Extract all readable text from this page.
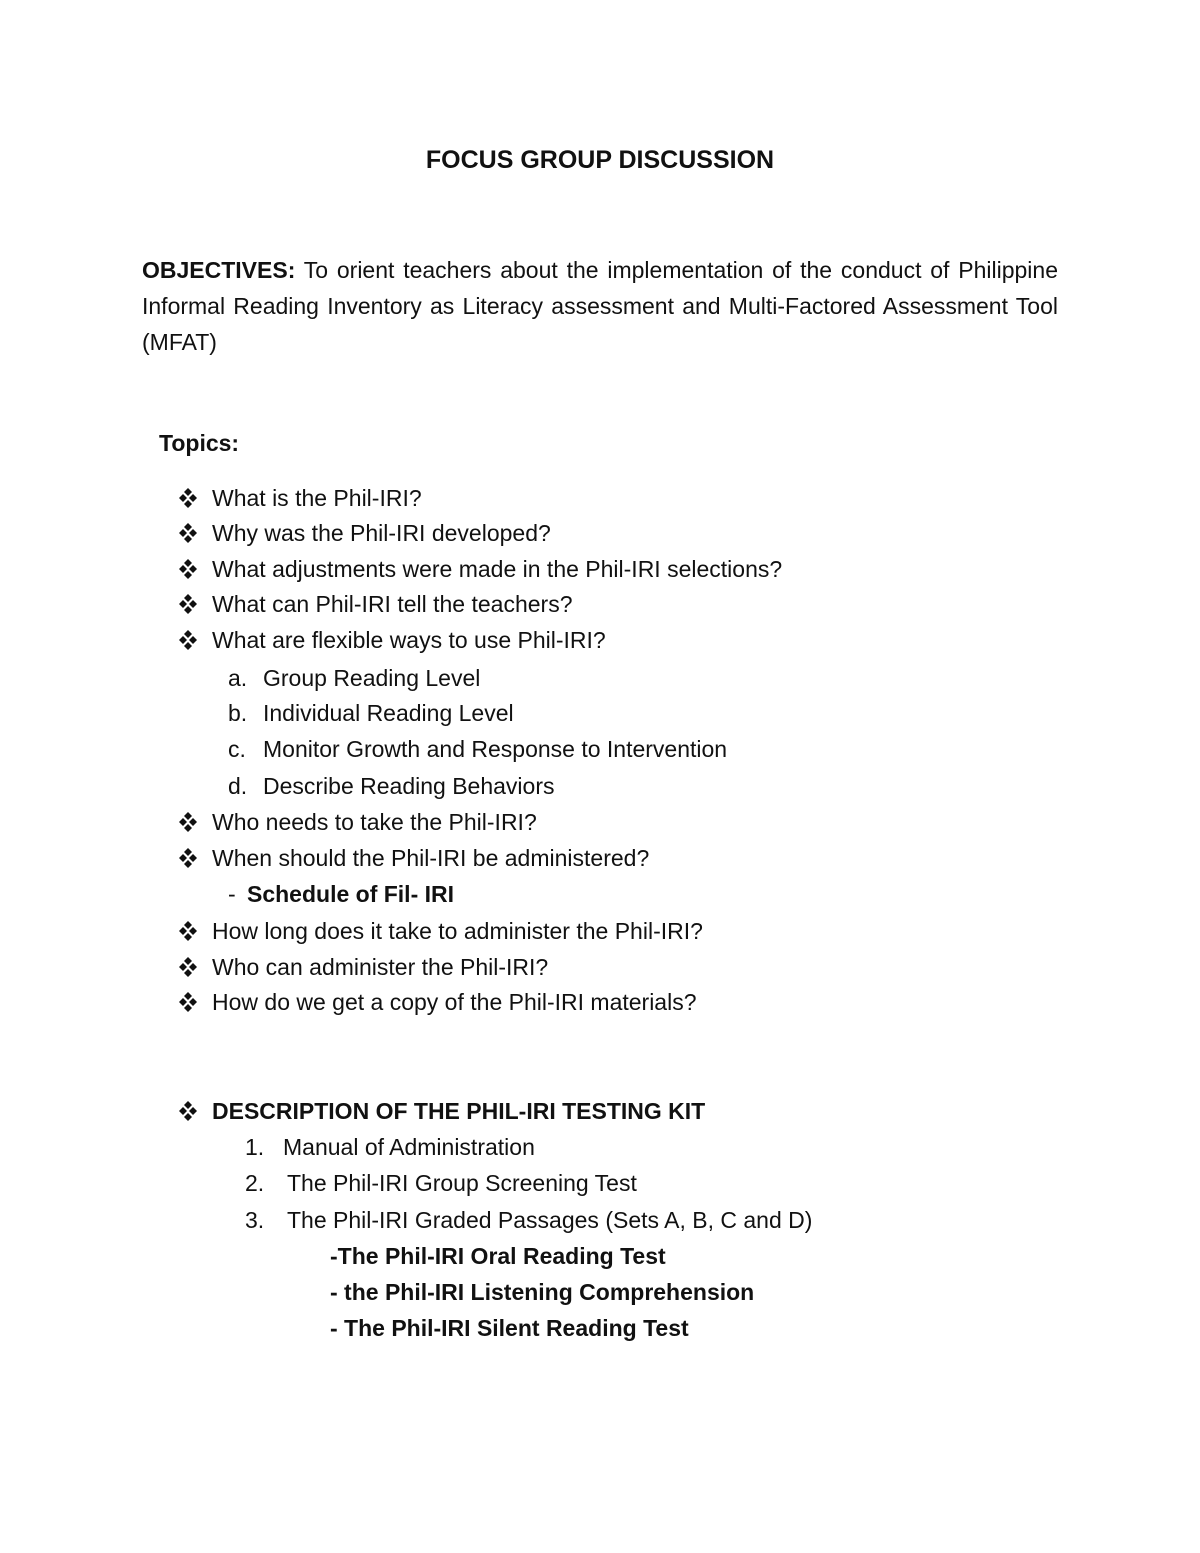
FOCUS GROUP DISCUSSION
OBJECTIVES: To orient teachers about the implementation of the conduct of Philippine Informal Reading Inventory as Literacy assessment and Multi-Factored Assessment Tool (MFAT)
Topics:
What is the Phil-IRI?
Why was the Phil-IRI developed?
What adjustments were made in the Phil-IRI selections?
What can Phil-IRI tell the teachers?
What are flexible ways to use Phil-IRI?
a. Group Reading Level
b. Individual Reading Level
c. Monitor Growth and Response to Intervention
d. Describe Reading Behaviors
Who needs to take the Phil-IRI?
When should the Phil-IRI be administered?
- Schedule of Fil- IRI
How long does it take to administer the Phil-IRI?
Who can administer the Phil-IRI?
How do we get a copy of the Phil-IRI materials?
DESCRIPTION OF THE PHIL-IRI TESTING KIT
1. Manual of Administration
2. The Phil-IRI Group Screening Test
3. The Phil-IRI Graded Passages (Sets A, B, C and D)
-The Phil-IRI Oral Reading Test
- the Phil-IRI Listening Comprehension
- The Phil-IRI Silent Reading Test
